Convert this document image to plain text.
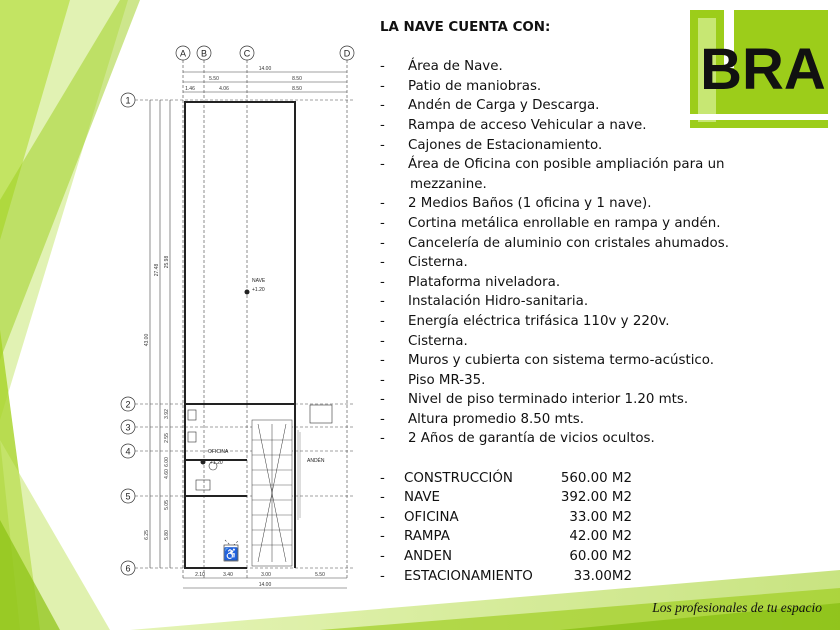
♿
A B	C	D
1
2
3
4
5
6
14.00
5.50	8.50
1.46	4.06	8.50
2.10	3.40	3.00	5.50
14.00
27.48
25.98
43.00
3.92
2.55
6.00
4.60
5.05
6.25	5.80
NAVE
+1.20
OFICINA
+1.20	ANDÉN
BRA
LA NAVE CUENTA CON:
- Área de Nave.
- Patio de maniobras.
- Andén de Carga y Descarga.
- Rampa de acceso Vehicular a nave.
- Cajones de Estacionamiento.
- Área de Oficina con posible ampliación para un
mezzanine.
- 2 Medios Baños (1 oficina y 1 nave).
- Cortina metálica enrollable en rampa y andén.
- Cancelería de aluminio con cristales ahumados.
- Cisterna.
- Plataforma niveladora.
- Instalación Hidro-sanitaria.
- Energía eléctrica trifásica 110v y 220v.
- Cisterna.
- Muros y cubierta con sistema termo-acústico.
- Piso MR-35.
- Nivel de piso terminado interior 1.20 mts.
- Altura promedio 8.50 mts.
- 2 Años de garantía de vicios ocultos.
- CONSTRUCCIÓN	560.00 M2
- NAVE	392.00 M2
- OFICINA	33.00 M2
- RAMPA	42.00 M2
- ANDEN	60.00 M2
- ESTACIONAMIENTO	33.00M2
Los profesionales de tu espacio
